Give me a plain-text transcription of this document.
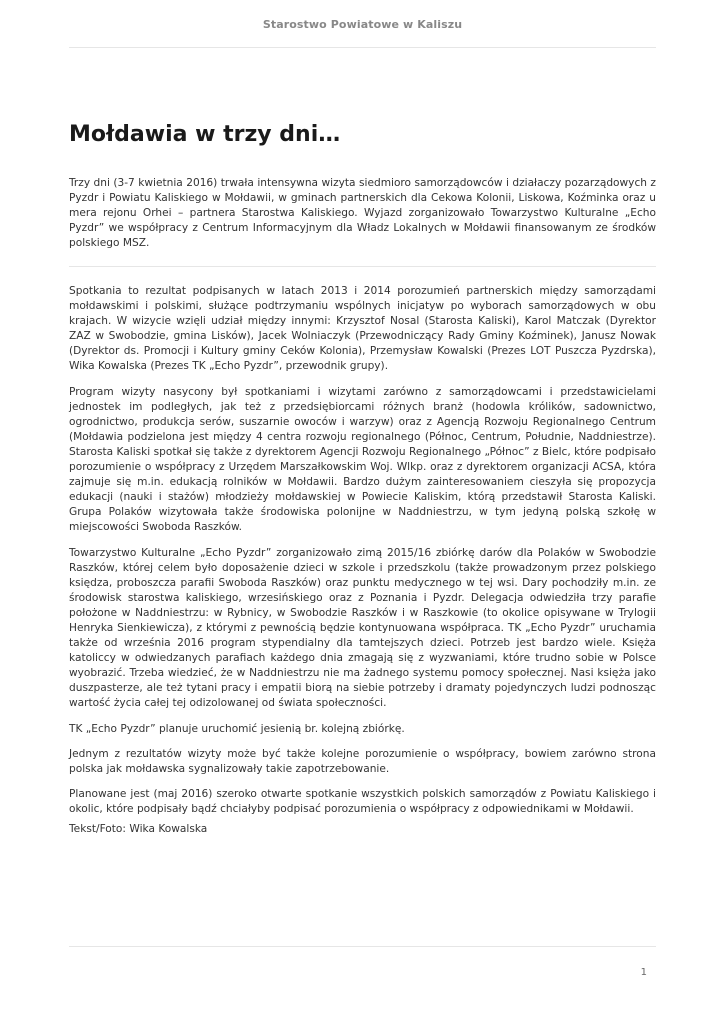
Starostwo Powiatowe w Kaliszu
Mołdawia w trzy dni…

Trzy dni (3-7 kwietnia 2016) trwała intensywna wizyta siedmioro samorządowców i działaczy pozarządowych z Pyzdr i Powiatu Kaliskiego w Mołdawii, w gminach partnerskich dla Cekowa Kolonii, Liskowa, Koźminka oraz u mera rejonu Orhei – partnera Starostwa Kaliskiego. Wyjazd zorganizowało Towarzystwo Kulturalne „Echo Pyzdr” we współpracy z Centrum Informacyjnym dla Władz Lokalnych w Mołdawii finansowanym ze środków polskiego MSZ.

Spotkania to rezultat podpisanych w latach 2013 i 2014 porozumień partnerskich między samorządami mołdawskimi i polskimi, służące podtrzymaniu wspólnych inicjatyw po wyborach samorządowych w obu krajach. W wizycie wzięli udział między innymi: Krzysztof Nosal (Starosta Kaliski), Karol Matczak (Dyrektor ZAZ w Swobodzie, gmina Lisków), Jacek Wolniaczyk (Przewodniczący Rady Gminy Koźminek), Janusz Nowak (Dyrektor ds. Promocji i Kultury gminy Ceków Kolonia), Przemysław Kowalski (Prezes LOT Puszcza Pyzdrska), Wika Kowalska (Prezes TK „Echo Pyzdr”, przewodnik grupy).

Program wizyty nasycony był spotkaniami i wizytami zarówno z samorządowcami i przedstawicielami jednostek im podległych, jak też z przedsiębiorcami różnych branż (hodowla królików, sadownictwo, ogrodnictwo, produkcja serów, suszarnie owoców i warzyw) oraz z Agencją Rozwoju Regionalnego Centrum (Mołdawia podzielona jest między 4 centra rozwoju regionalnego (Północ, Centrum, Południe, Naddniestrze). Starosta Kaliski spotkał się także z dyrektorem Agencji Rozwoju Regionalnego „Północ” z Bielc, które podpisało porozumienie o współpracy z Urzędem Marszałkowskim Woj. Wlkp. oraz z dyrektorem organizacji ACSA, która zajmuje się m.in. edukacją rolników w Mołdawii. Bardzo dużym zainteresowaniem cieszyła się propozycja edukacji (nauki i stażów) młodzieży mołdawskiej w Powiecie Kaliskim, którą przedstawił Starosta Kaliski. Grupa Polaków wizytowała także środowiska polonijne w Naddniestrzu, w tym jedyną polską szkołę w miejscowości Swoboda Raszków.

Towarzystwo Kulturalne „Echo Pyzdr” zorganizowało zimą 2015/16 zbiórkę darów dla Polaków w Swobodzie Raszków, której celem było doposażenie dzieci w szkole i przedszkolu (także prowadzonym przez polskiego księdza, proboszcza parafii Swoboda Raszków) oraz punktu medycznego w tej wsi. Dary pochodziły m.in. ze środowisk starostwa kaliskiego, wrzesińskiego oraz z Poznania i Pyzdr. Delegacja odwiedziła trzy parafie położone w Naddniestrzu: w Rybnicy, w Swobodzie Raszków i w Raszkowie (to okolice opisywane w Trylogii Henryka Sienkiewicza), z którymi z pewnością będzie kontynuowana współpraca. TK „Echo Pyzdr” uruchamia także od września 2016 program stypendialny dla tamtejszych dzieci. Potrzeb jest bardzo wiele. Księża katoliccy w odwiedzanych parafiach każdego dnia zmagają się z wyzwaniami, które trudno sobie w Polsce wyobrazić. Trzeba wiedzieć, że w Naddniestrzu nie ma żadnego systemu pomocy społecznej. Nasi księża jako duszpasterze, ale też tytani pracy i empatii biorą na siebie potrzeby i dramaty pojedynczych ludzi podnosząc wartość życia całej tej odizolowanej od świata społeczności.

TK „Echo Pyzdr” planuje uruchomić jesienią br. kolejną zbiórkę.

Jednym z rezultatów wizyty może być także kolejne porozumienie o współpracy, bowiem zarówno strona polska jak mołdawska sygnalizowały takie zapotrzebowanie.

Planowane jest (maj 2016) szeroko otwarte spotkanie wszystkich polskich samorządów z Powiatu Kaliskiego i okolic, które podpisały bądź chciałyby podpisać porozumienia o współpracy z odpowiednikami w Mołdawii.

Tekst/Foto: Wika Kowalska

1
